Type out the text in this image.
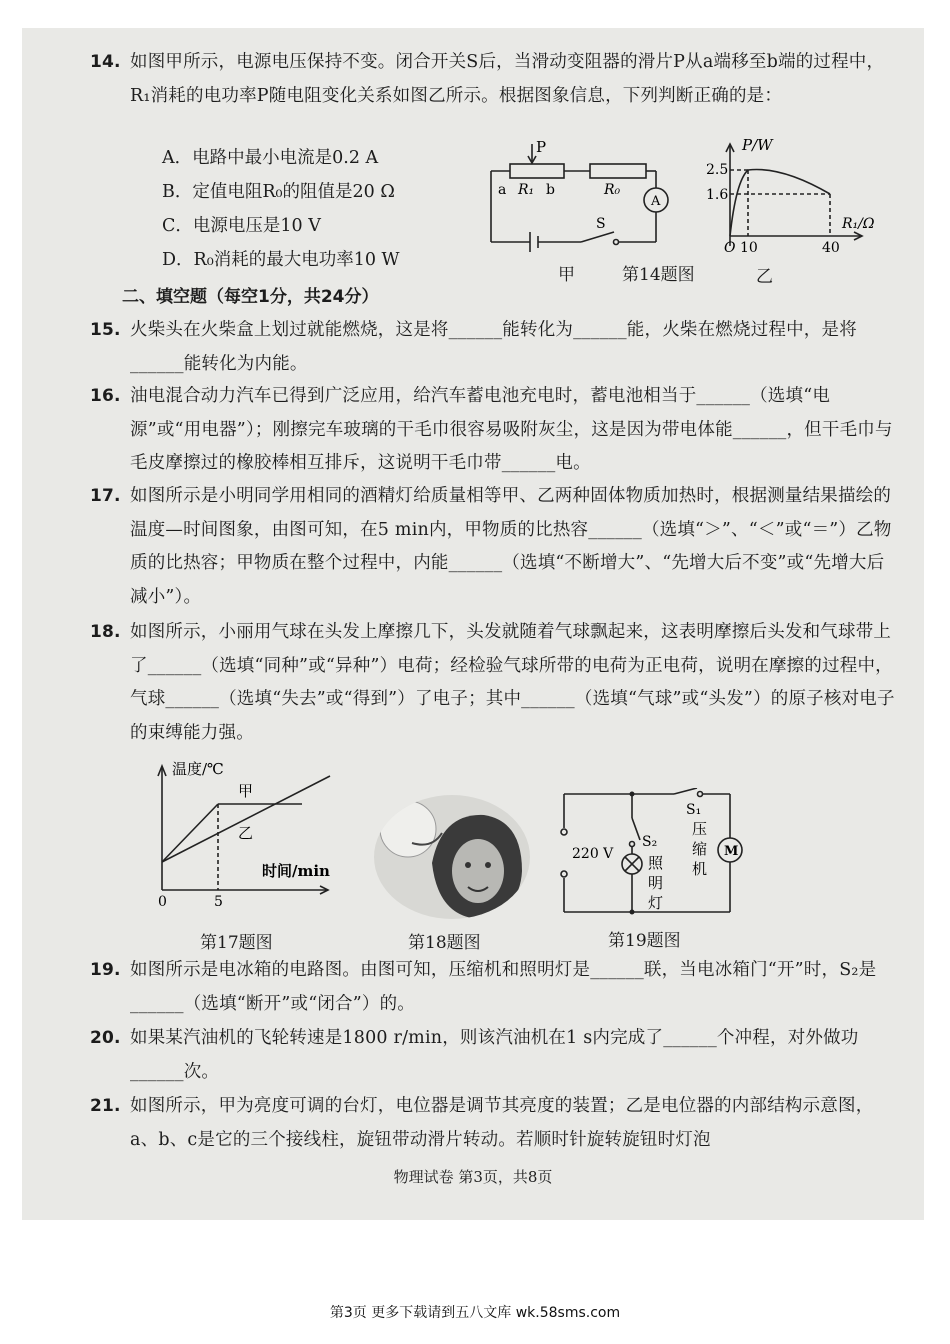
14. 如图甲所示，电源电压保持不变。闭合开关S后，当滑动变阻器的滑片P从a端移至b端的过程中，R₁消耗的电功率P随电阻变化关系如图乙所示。根据图象信息，下列判断正确的是：
A．电路中最小电流是0.2 A
B．定值电阻R₀的阻值是20 Ω
C．电源电压是10 V
D．R₀消耗的最大电功率10 W
P
a R₁ b	R₀
A
S
P/W
2.5
1.6
O 10	40
R₁/Ω
甲	第14题图	乙
二、填空题（每空1分，共24分）
15. 火柴头在火柴盒上划过就能燃烧，这是将______能转化为______能，火柴在燃烧过程中，是将______能转化为内能。
16. 油电混合动力汽车已得到广泛应用，给汽车蓄电池充电时，蓄电池相当于______（选填“电源”或“用电器”）；刚擦完车玻璃的干毛巾很容易吸附灰尘，这是因为带电体能______，但干毛巾与毛皮摩擦过的橡胶棒相互排斥，这说明干毛巾带______电。
17. 如图所示是小明同学用相同的酒精灯给质量相等甲、乙两种固体物质加热时，根据测量结果描绘的温度—时间图象，由图可知，在5 min内，甲物质的比热容______（选填“＞”、“＜”或“＝”）乙物质的比热容；甲物质在整个过程中，内能______（选填“不断增大”、“先增大后不变”或“先增大后减小”）。
18. 如图所示，小丽用气球在头发上摩擦几下，头发就随着气球飘起来，这表明摩擦后头发和气球带上了______（选填“同种”或“异种”）电荷；经检验气球所带的电荷为正电荷，说明在摩擦的过程中，气球______（选填“失去”或“得到”）了电子；其中______（选填“气球”或“头发”）的原子核对电子的束缚能力强。
温度/℃
甲
乙
时间/min
0	5
S₁
S₂
M
220 V 照 明 灯
压 缩 机
第17题图	第18题图	第19题图
19. 如图所示是电冰箱的电路图。由图可知，压缩机和照明灯是______联，当电冰箱门“开”时，S₂是______（选填“断开”或“闭合”）的。
20. 如果某汽油机的飞轮转速是1800 r/min，则该汽油机在1 s内完成了______个冲程，对外做功______次。
21. 如图所示，甲为亮度可调的台灯，电位器是调节其亮度的装置；乙是电位器的内部结构示意图，a、b、c是它的三个接线柱，旋钮带动滑片转动。若顺时针旋转旋钮时灯泡
物理试卷 第3页，共8页
第3页 更多下载请到五八文库 wk.58sms.com
